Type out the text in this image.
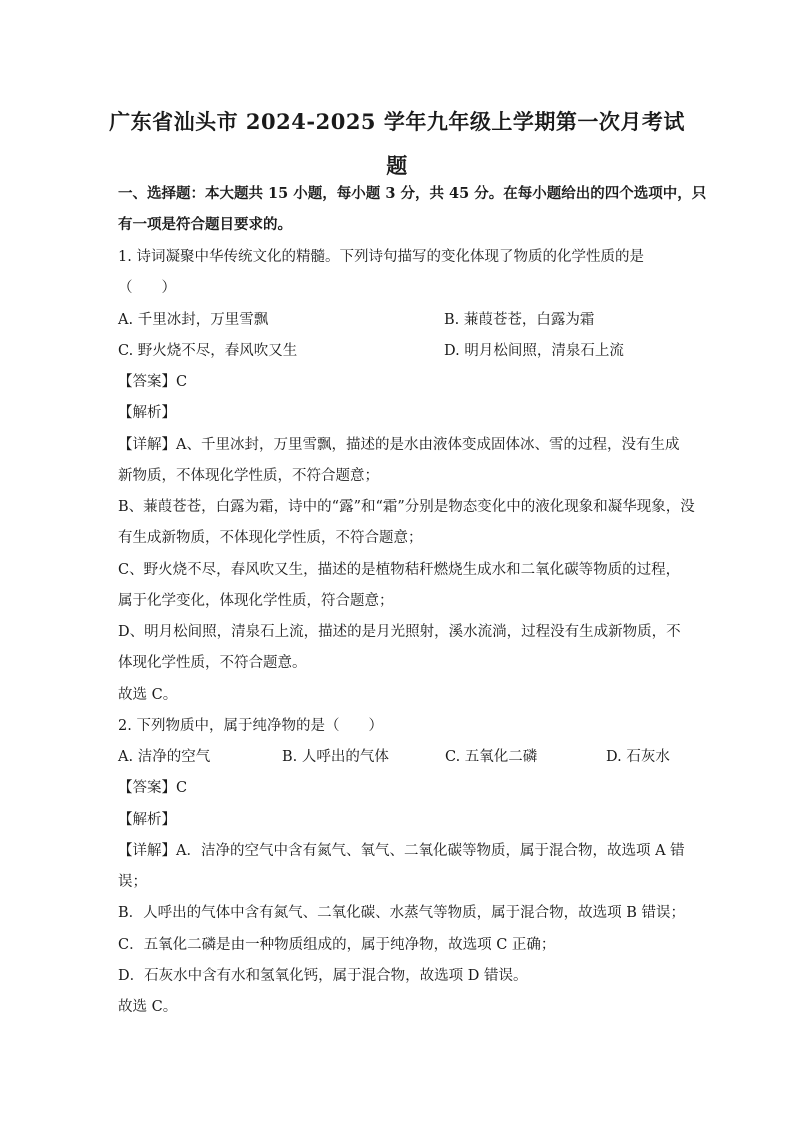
广东省汕头市 2024-2025 学年九年级上学期第一次月考试
题
一、选择题：本大题共 15 小题，每小题 3 分，共 45 分。在每小题给出的四个选项中，只
有一项是符合题目要求的。
1. 诗词凝聚中华传统文化的精髓。下列诗句描写的变化体现了物质的化学性质的是
（　　）
A. 千里冰封，万里雪飘	B. 蒹葭苍苍，白露为霜
C. 野火烧不尽，春风吹又生	D. 明月松间照，清泉石上流
【答案】C
【解析】
【详解】A、千里冰封，万里雪飘，描述的是水由液体变成固体冰、雪的过程，没有生成
新物质，不体现化学性质，不符合题意；
B、蒹葭苍苍，白露为霜，诗中的“露”和“霜”分别是物态变化中的液化现象和凝华现象，没
有生成新物质，不体现化学性质，不符合题意；
C、野火烧不尽，春风吹又生，描述的是植物秸秆燃烧生成水和二氧化碳等物质的过程，
属于化学变化，体现化学性质，符合题意；
D、明月松间照，清泉石上流，描述的是月光照射，溪水流淌，过程没有生成新物质，不
体现化学性质，不符合题意。
故选 C。
2. 下列物质中，属于纯净物的是（　　）
A. 洁净的空气	B. 人呼出的气体	C. 五氧化二磷	D. 石灰水
【答案】C
【解析】
【详解】A．洁净的空气中含有氮气、氧气、二氧化碳等物质，属于混合物，故选项 A 错
误；
B．人呼出的气体中含有氮气、二氧化碳、水蒸气等物质，属于混合物，故选项 B 错误；
C．五氧化二磷是由一种物质组成的，属于纯净物，故选项 C 正确；
D．石灰水中含有水和氢氧化钙，属于混合物，故选项 D 错误。
故选 C。
